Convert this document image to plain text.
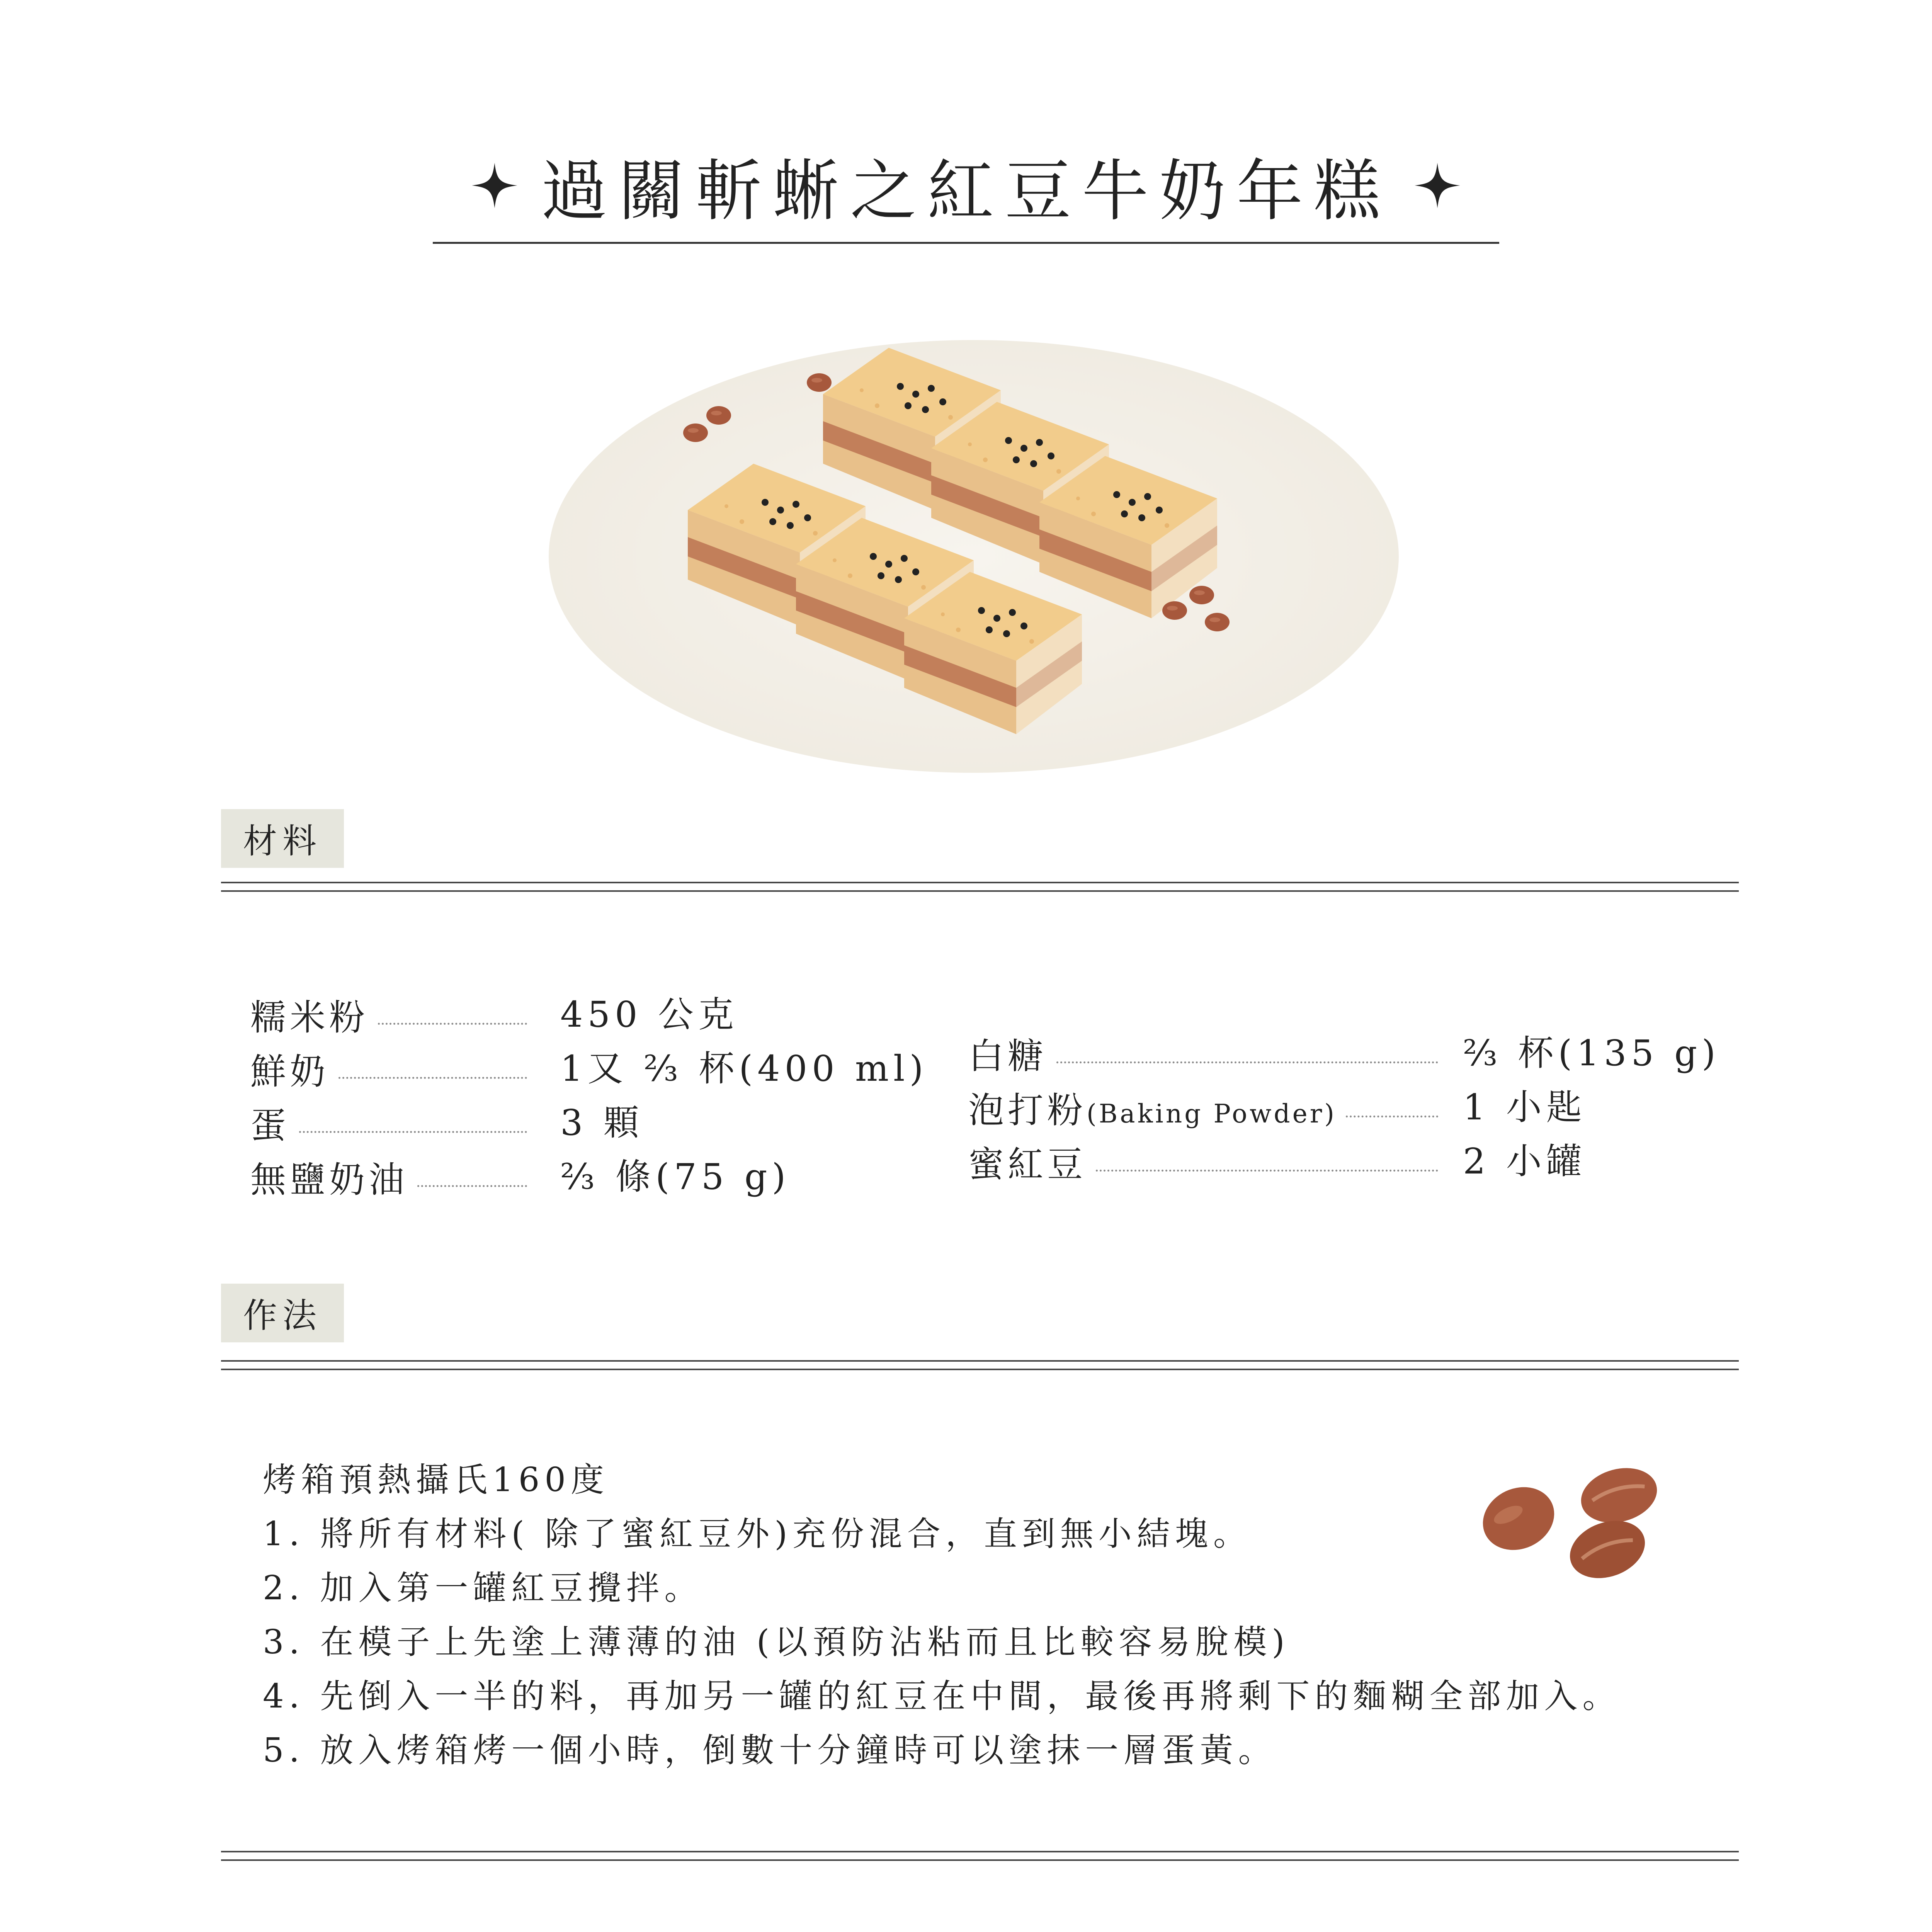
過關斬蜥之紅豆牛奶年糕
材料
糯米粉	450 公克
鮮奶	1又 ⅔ 杯(400 ml)
蛋	3 顆
無鹽奶油	⅔ 條(75 g)
白糖	⅔ 杯(135 g)
泡打粉(Baking Powder)	1 小匙
蜜紅豆	2 小罐
作法
烤箱預熱攝氏160度
1. 將所有材料( 除了蜜紅豆外)充份混合，直到無小結塊。
2. 加入第一罐紅豆攪拌。
3. 在模子上先塗上薄薄的油 (以預防沾粘而且比較容易脫模)
4. 先倒入一半的料，再加另一罐的紅豆在中間，最後再將剩下的麵糊全部加入。
5. 放入烤箱烤一個小時，倒數十分鐘時可以塗抹一層蛋黃。
